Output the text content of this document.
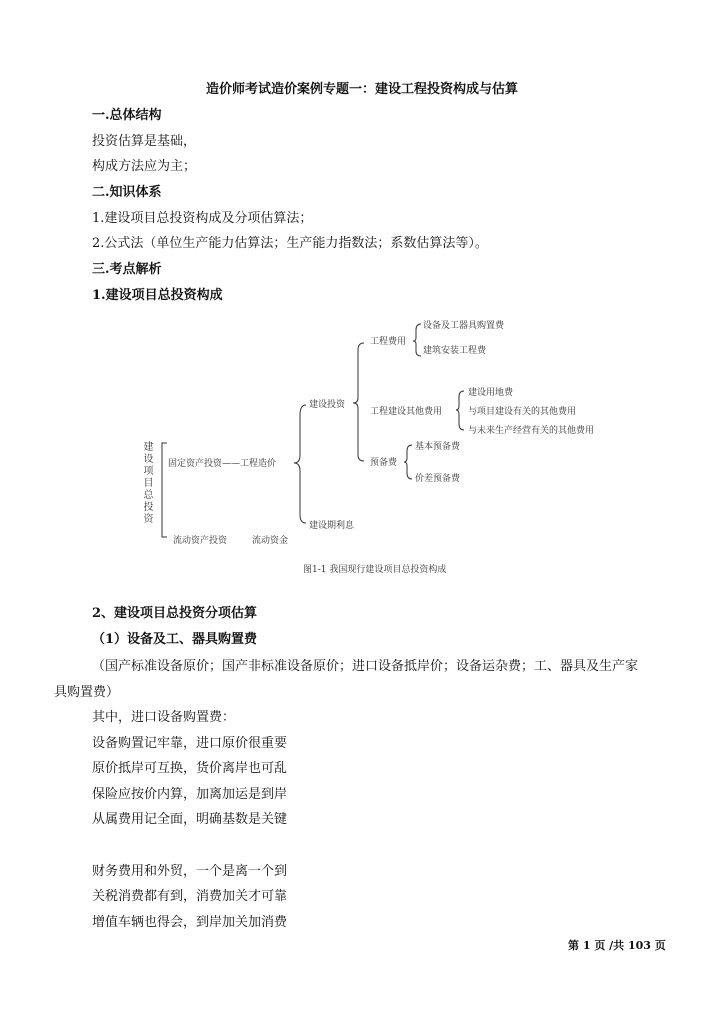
造价师考试造价案例专题一：建设工程投资构成与估算
一.总体结构
投资估算是基础，
构成方法应为主；
二.知识体系
1.建设项目总投资构成及分项估算法；
2.公式法（单位生产能力估算法；生产能力指数法；系数估算法等）。
三.考点解析
1.建设项目总投资构成
建设项目总投资 固定资产投资——工程造价
流动资产投资	流动资金
建设投资
建设期利息
工程费用
设备及工器具购置费
建筑安装工程费
工程建设其他费用
建设用地费
与项目建设有关的其他费用
与未来生产经营有关的其他费用
预备费
基本预备费
价差预备费
图1-1 我国现行建设项目总投资构成
2、建设项目总投资分项估算
（1）设备及工、器具购置费
（国产标准设备原价；国产非标准设备原价；进口设备抵岸价；设备运杂费；工、器具及生产家
具购置费）
其中，进口设备购置费：
设备购置记牢靠，进口原价很重要
原价抵岸可互换，货价离岸也可乱
保险应按价内算，加离加运是到岸
从属费用记全面，明确基数是关键
财务费用和外贸，一个是离一个到
关税消费都有到，消费加关才可靠
增值车辆也得会，到岸加关加消费
第 1 页 /共 103 页
